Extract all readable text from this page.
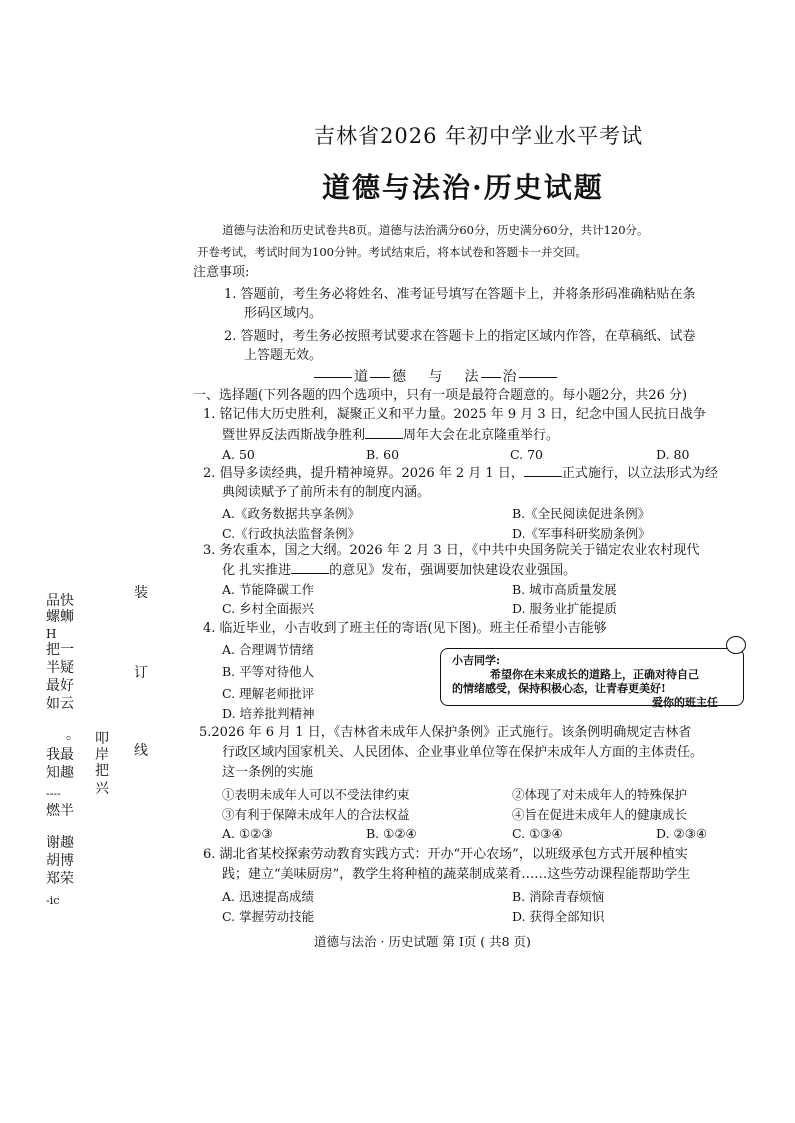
吉林省2026 年初中学业水平考试
道德与法治·历史试题
道德与法治和历史试卷共8页。道德与法治满分60分，历史满分60分，共计120分。
开卷考试，考试时间为100分钟。考试结束后，将本试卷和答题卡一并交回。
注意事项:
1. 答题前，考生务必将姓名、准考证号填写在答题卡上，并将条形码准确粘贴在条
形码区域内。
2. 答题时，考生务必按照考试要求在答题卡上的指定区域内作答，在草稿纸、试卷
上答题无效。
道 德 与 法 治
一、选择题(下列各题的四个选项中，只有一项是最符合题意的。每小题2分，共26 分)
1. 铭记伟大历史胜利，凝聚正义和平力量。2025 年 9 月 3 日，纪念中国人民抗日战争
暨世界反法西斯战争胜利	周年大会在北京隆重举行。
A. 50	B. 60	C. 70	D. 80
2. 倡导多读经典，提升精神境界。2026 年 2 月 1 日，	正式施行，以立法形式为经
典阅读赋予了前所未有的制度内涵。
A.《政务数据共享条例》	B.《全民阅读促进条例》
C.《行政执法监督条例》	D.《军事科研奖励条例》
3. 务农重本，国之大纲。2026 年 2 月 3 日，《中共中央国务院关于锚定农业农村现代
化 扎实推进	的意见》发布，强调要加快建设农业强国。
A. 节能降碳工作	B. 城市高质量发展
C. 乡村全面振兴	D. 服务业扩能提质
4. 临近毕业，小吉收到了班主任的寄语(见下图)。班主任希望小吉能够
A. 合理调节情绪
B. 平等对待他人
C. 理解老师批评
D. 培养批判精神
小吉同学:
希望你在未来成长的道路上，正确对待自己
的情绪感受，保持积极心态，让青春更美好!
爱你的班主任
5.2026 年 6 月 1 日，《吉林省未成年人保护条例》正式施行。该条例明确规定吉林省
行政区域内国家机关、人民团体、企业事业单位等在保护未成年人方面的主体责任。
这一条例的实施
①表明未成年人可以不受法律约束	②体现了对未成年人的特殊保护
③有利于保障未成年人的合法权益	④旨在促进未成年人的健康成长
A. ①②③	B. ①②④	C. ①③④	D. ②③④
6. 湖北省某校探索劳动教育实践方式：开办“开心农场”，以班级承包方式开展种植实
践；建立“美味厨房”，教学生将种植的蔬菜制成菜肴……这些劳动课程能帮助学生
A. 迅速提高成绩	B. 消除青春烦恼
C. 掌握劳动技能	D. 获得全部知识
装
订
线
品快
螺蛳
H
把一
半疑
最好
如云
。
我最
知趣
----
燃半
谢趣
胡博
郑荣
-ic
叩
岸
把
兴
道德与法治 · 历史试题 第 I页 ( 共8 页)
